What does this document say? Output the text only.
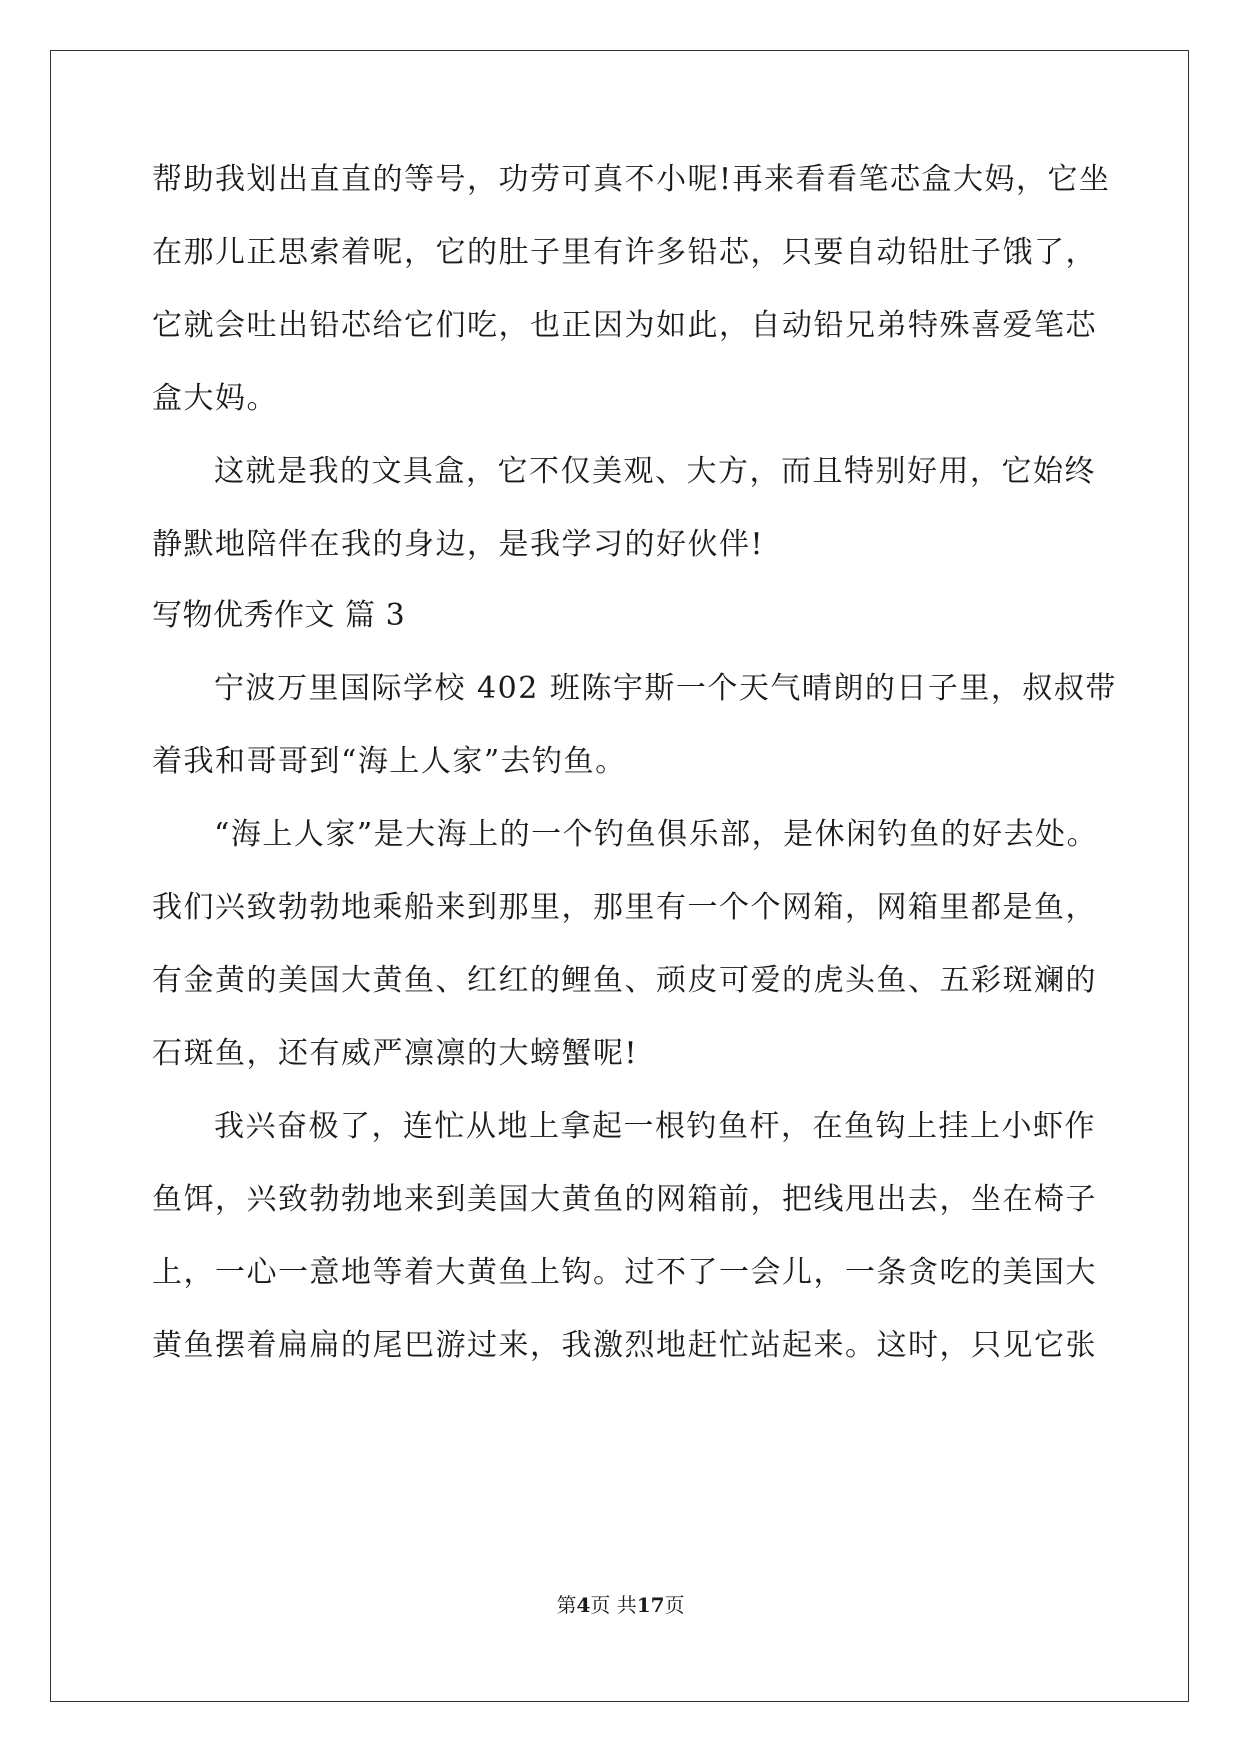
帮助我划出直直的等号，功劳可真不小呢!再来看看笔芯盒大妈，它坐
在那儿正思索着呢，它的肚子里有许多铅芯，只要自动铅肚子饿了，
它就会吐出铅芯给它们吃，也正因为如此，自动铅兄弟特殊喜爱笔芯
盒大妈。
这就是我的文具盒，它不仅美观、大方，而且特别好用，它始终
静默地陪伴在我的身边，是我学习的好伙伴!
写物优秀作文 篇 3
宁波万里国际学校 402 班陈宇斯一个天气晴朗的日子里，叔叔带
着我和哥哥到“海上人家”去钓鱼。
“海上人家”是大海上的一个钓鱼俱乐部，是休闲钓鱼的好去处。
我们兴致勃勃地乘船来到那里，那里有一个个网箱，网箱里都是鱼，
有金黄的美国大黄鱼、红红的鲤鱼、顽皮可爱的虎头鱼、五彩斑斓的
石斑鱼，还有威严凛凛的大螃蟹呢!
我兴奋极了，连忙从地上拿起一根钓鱼杆，在鱼钩上挂上小虾作
鱼饵，兴致勃勃地来到美国大黄鱼的网箱前，把线甩出去，坐在椅子
上，一心一意地等着大黄鱼上钩。过不了一会儿，一条贪吃的美国大
黄鱼摆着扁扁的尾巴游过来，我激烈地赶忙站起来。这时，只见它张
第4页 共17页
